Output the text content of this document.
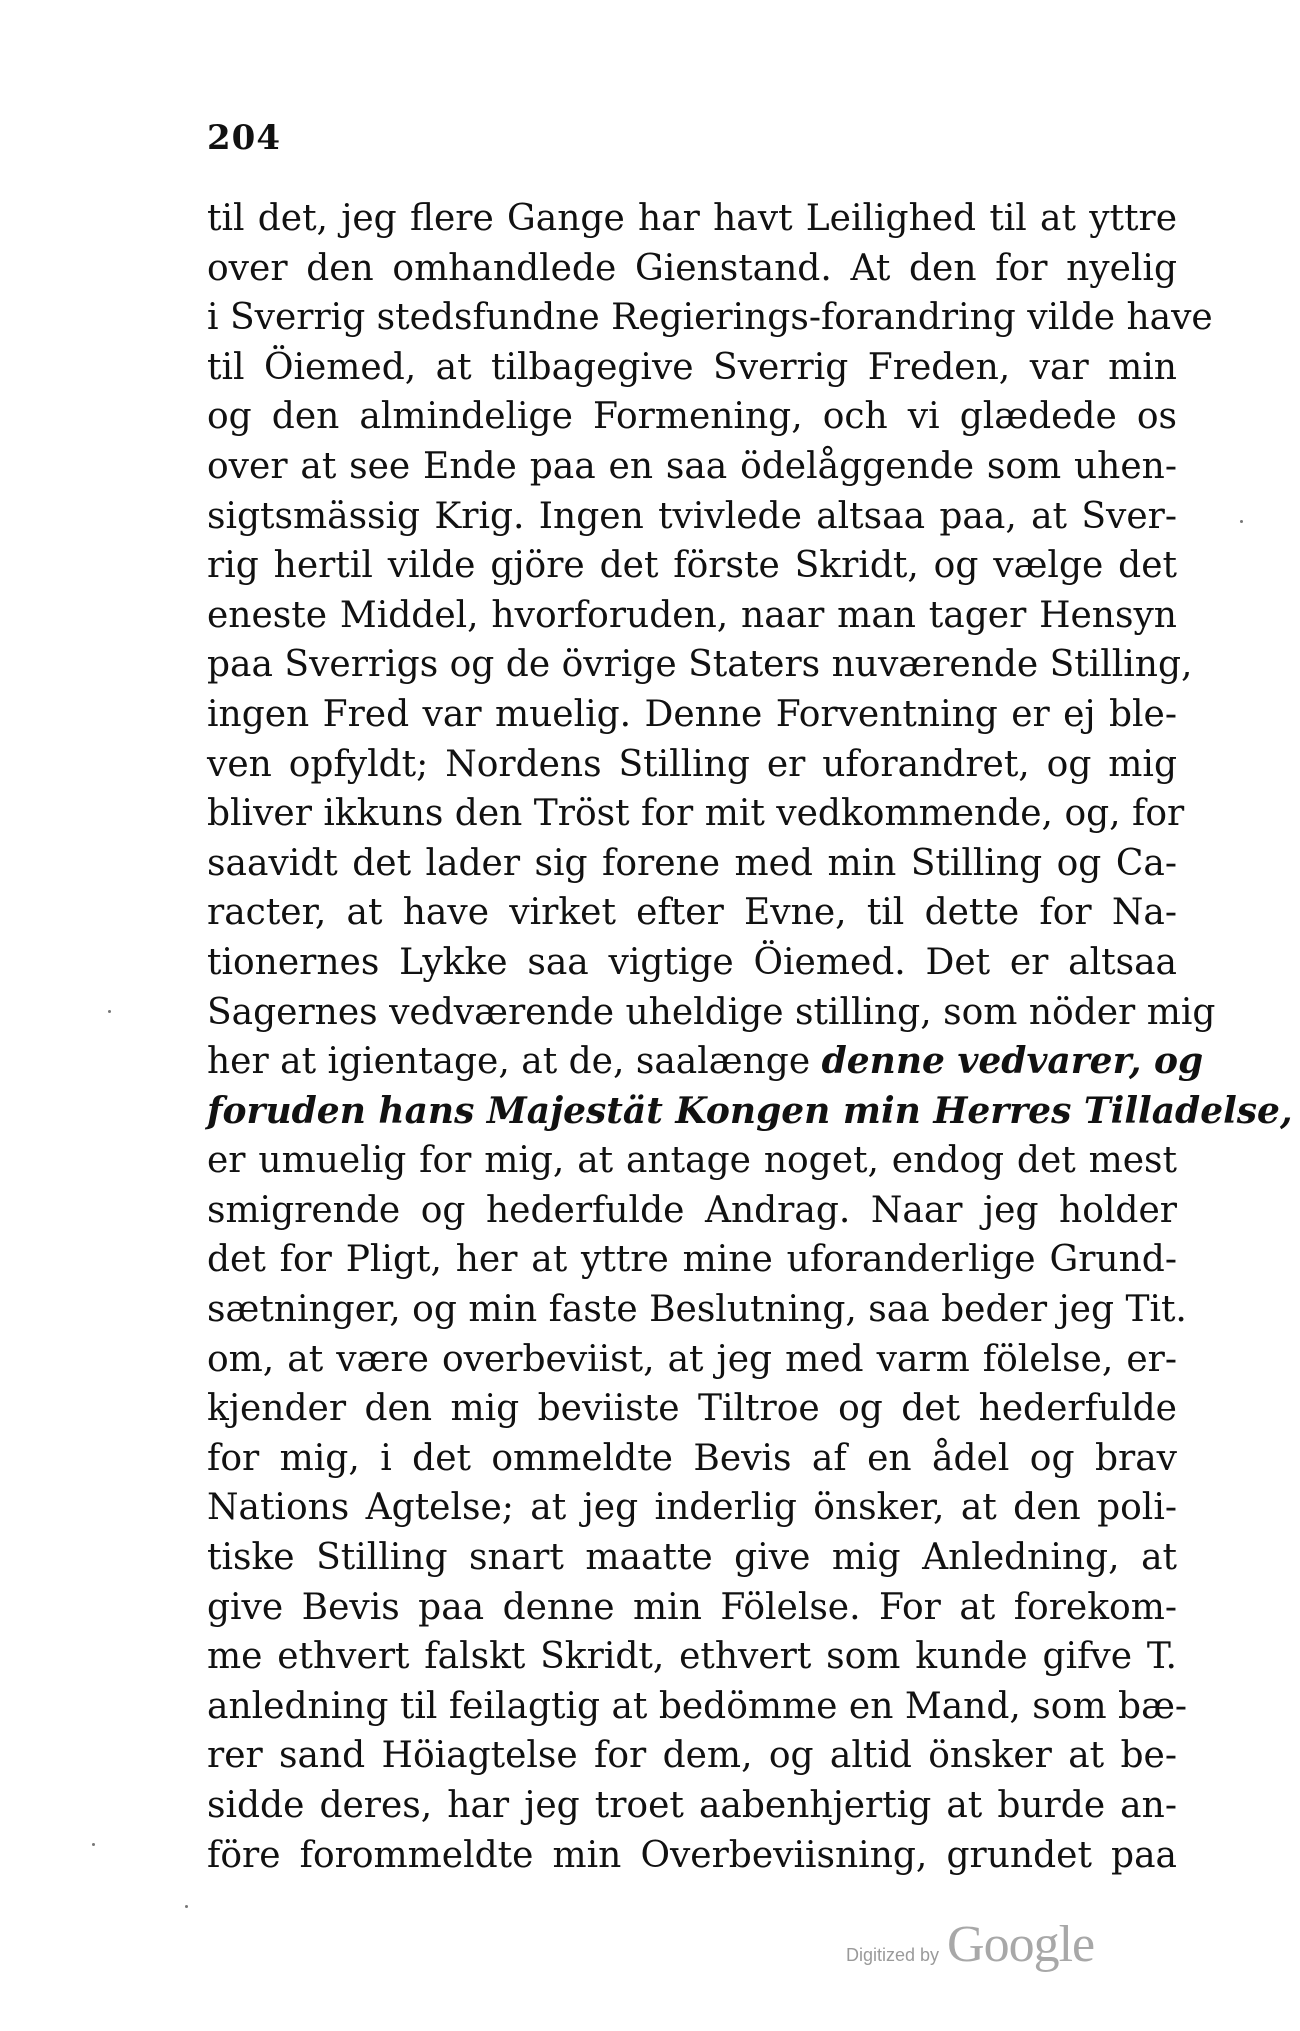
204
til det, jeg flere Gange har havt Leilighed til at yttre
over den omhandlede Gienstand. At den for nyelig
i Sverrig stedsfundne Regierings-forandring vilde have
til Öiemed, at tilbagegive Sverrig Freden, var min
og den almindelige Formening, och vi glædede os
over at see Ende paa en saa ödelåggende som uhen-
sigtsmässig Krig. Ingen tvivlede altsaa paa, at Sver-
rig hertil vilde gjöre det förste Skridt, og vælge det
eneste Middel, hvorforuden, naar man tager Hensyn
paa Sverrigs og de övrige Staters nuværende Stilling,
ingen Fred var muelig. Denne Forventning er ej ble-
ven opfyldt; Nordens Stilling er uforandret, og mig
bliver ikkuns den Tröst for mit vedkommende, og, for
saavidt det lader sig forene med min Stilling og Ca-
racter, at have virket efter Evne, til dette for Na-
tionernes Lykke saa vigtige Öiemed. Det er altsaa
Sagernes vedværende uheldige stilling, som nöder mig
her at igientage, at de, saalænge denne vedvarer, og
foruden hans Majestät Kongen min Herres Tilladelse,
er umuelig for mig, at antage noget, endog det mest
smigrende og hederfulde Andrag. Naar jeg holder
det for Pligt, her at yttre mine uforanderlige Grund-
sætninger, og min faste Beslutning, saa beder jeg Tit.
om, at være overbeviist, at jeg med varm fölelse, er-
kjender den mig beviiste Tiltroe og det hederfulde
for mig, i det ommeldte Bevis af en ådel og brav
Nations Agtelse; at jeg inderlig önsker, at den poli-
tiske Stilling snart maatte give mig Anledning, at
give Bevis paa denne min Fölelse. For at forekom-
me ethvert falskt Skridt, ethvert som kunde gifve T.
anledning til feilagtig at bedömme en Mand, som bæ-
rer sand Höiagtelse for dem, og altid önsker at be-
sidde deres, har jeg troet aabenhjertig at burde an-
före forommeldte min Overbeviisning, grundet paa
Digitized by Google
